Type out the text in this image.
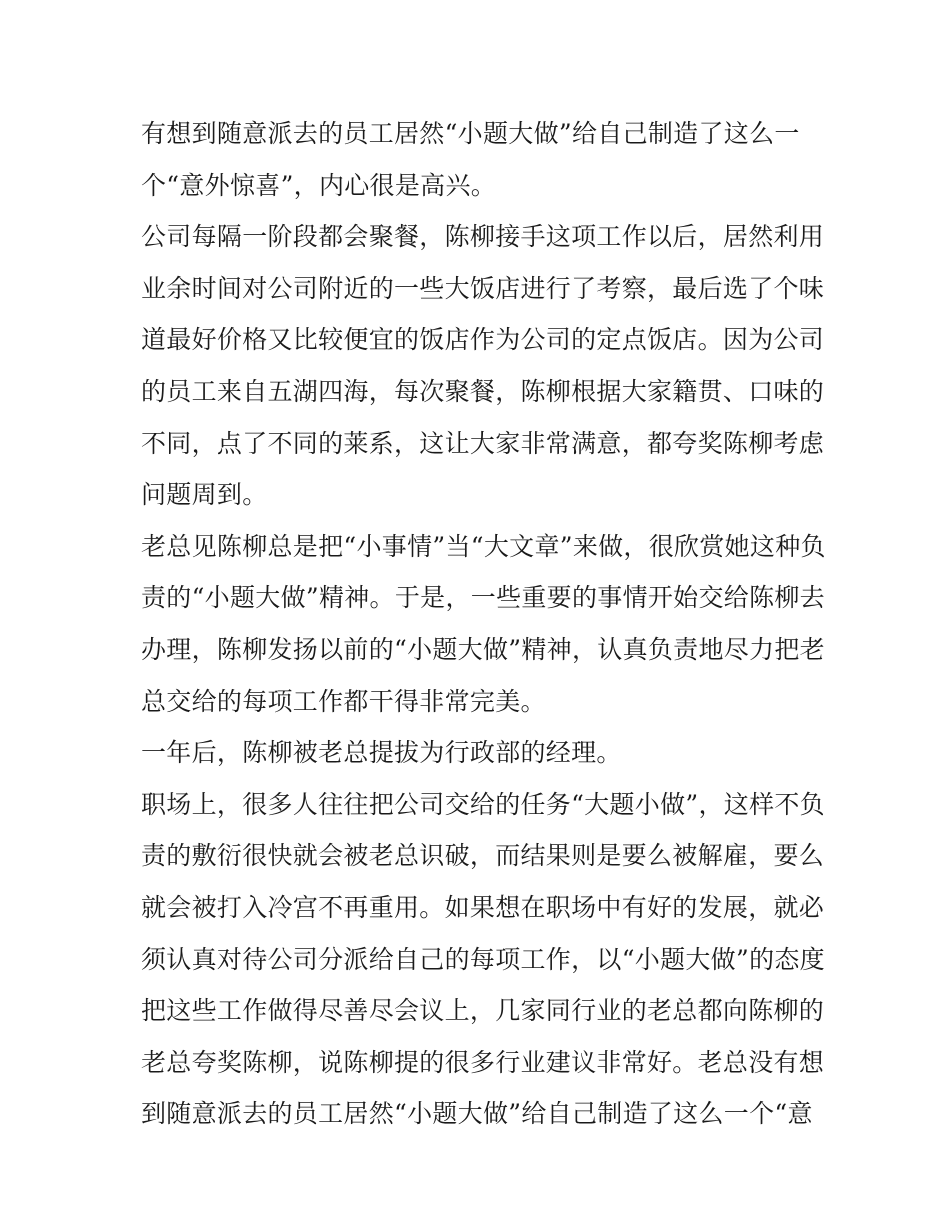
有想到随意派去的员工居然“小题大做”给自己制造了这么一
个“意外惊喜”，内心很是高兴。
公司每隔一阶段都会聚餐，陈柳接手这项工作以后，居然利用
业余时间对公司附近的一些大饭店进行了考察，最后选了个味
道最好价格又比较便宜的饭店作为公司的定点饭店。因为公司
的员工来自五湖四海，每次聚餐，陈柳根据大家籍贯、口味的
不同，点了不同的莱系，这让大家非常满意，都夸奖陈柳考虑
问题周到。
老总见陈柳总是把“小事情”当“大文章”来做，很欣赏她这种负
责的“小题大做”精神。于是，一些重要的事情开始交给陈柳去
办理，陈柳发扬以前的“小题大做”精神，认真负责地尽力把老
总交给的每项工作都干得非常完美。
一年后，陈柳被老总提拔为行政部的经理。
职场上，很多人往往把公司交给的任务“大题小做”，这样不负
责的敷衍很快就会被老总识破，而结果则是要么被解雇，要么
就会被打入冷宫不再重用。如果想在职场中有好的发展，就必
须认真对待公司分派给自己的每项工作，以“小题大做”的态度
把这些工作做得尽善尽会议上，几家同行业的老总都向陈柳的
老总夸奖陈柳，说陈柳提的很多行业建议非常好。老总没有想
到随意派去的员工居然“小题大做”给自己制造了这么一个“意
